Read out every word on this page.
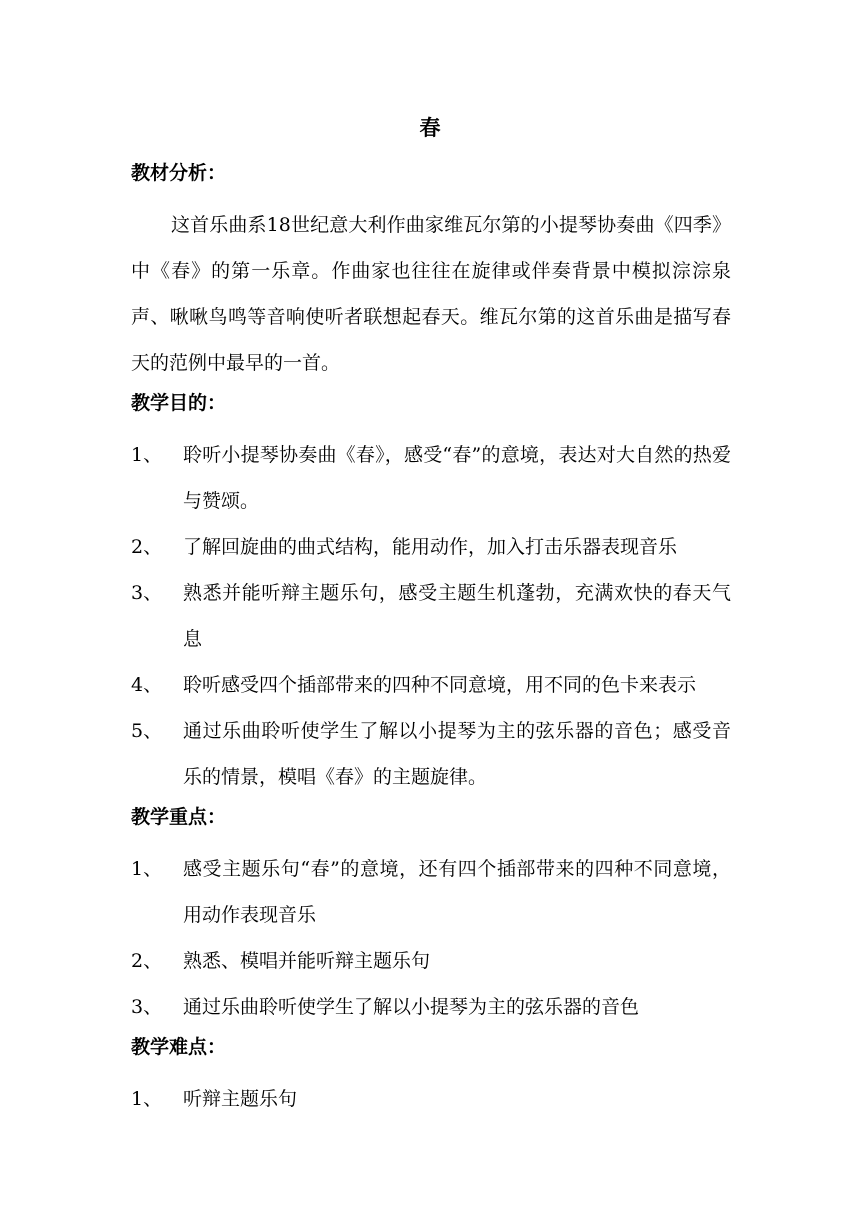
春
教材分析：
这首乐曲系18世纪意大利作曲家维瓦尔第的小提琴协奏曲《四季》中《春》的第一乐章。作曲家也往往在旋律或伴奏背景中模拟淙淙泉声、啾啾鸟鸣等音响使听者联想起春天。维瓦尔第的这首乐曲是描写春天的范例中最早的一首。
教学目的：
1、	聆听小提琴协奏曲《春》，感受“春”的意境，表达对大自然的热爱与赞颂。
2、	了解回旋曲的曲式结构，能用动作，加入打击乐器表现音乐
3、	熟悉并能听辩主题乐句，感受主题生机蓬勃，充满欢快的春天气息
4、	聆听感受四个插部带来的四种不同意境，用不同的色卡来表示
5、	通过乐曲聆听使学生了解以小提琴为主的弦乐器的音色；感受音乐的情景，模唱《春》的主题旋律。
教学重点：
1、	感受主题乐句“春”的意境，还有四个插部带来的四种不同意境，用动作表现音乐
2、	熟悉、模唱并能听辩主题乐句
3、	通过乐曲聆听使学生了解以小提琴为主的弦乐器的音色
教学难点：
1、	听辩主题乐句
